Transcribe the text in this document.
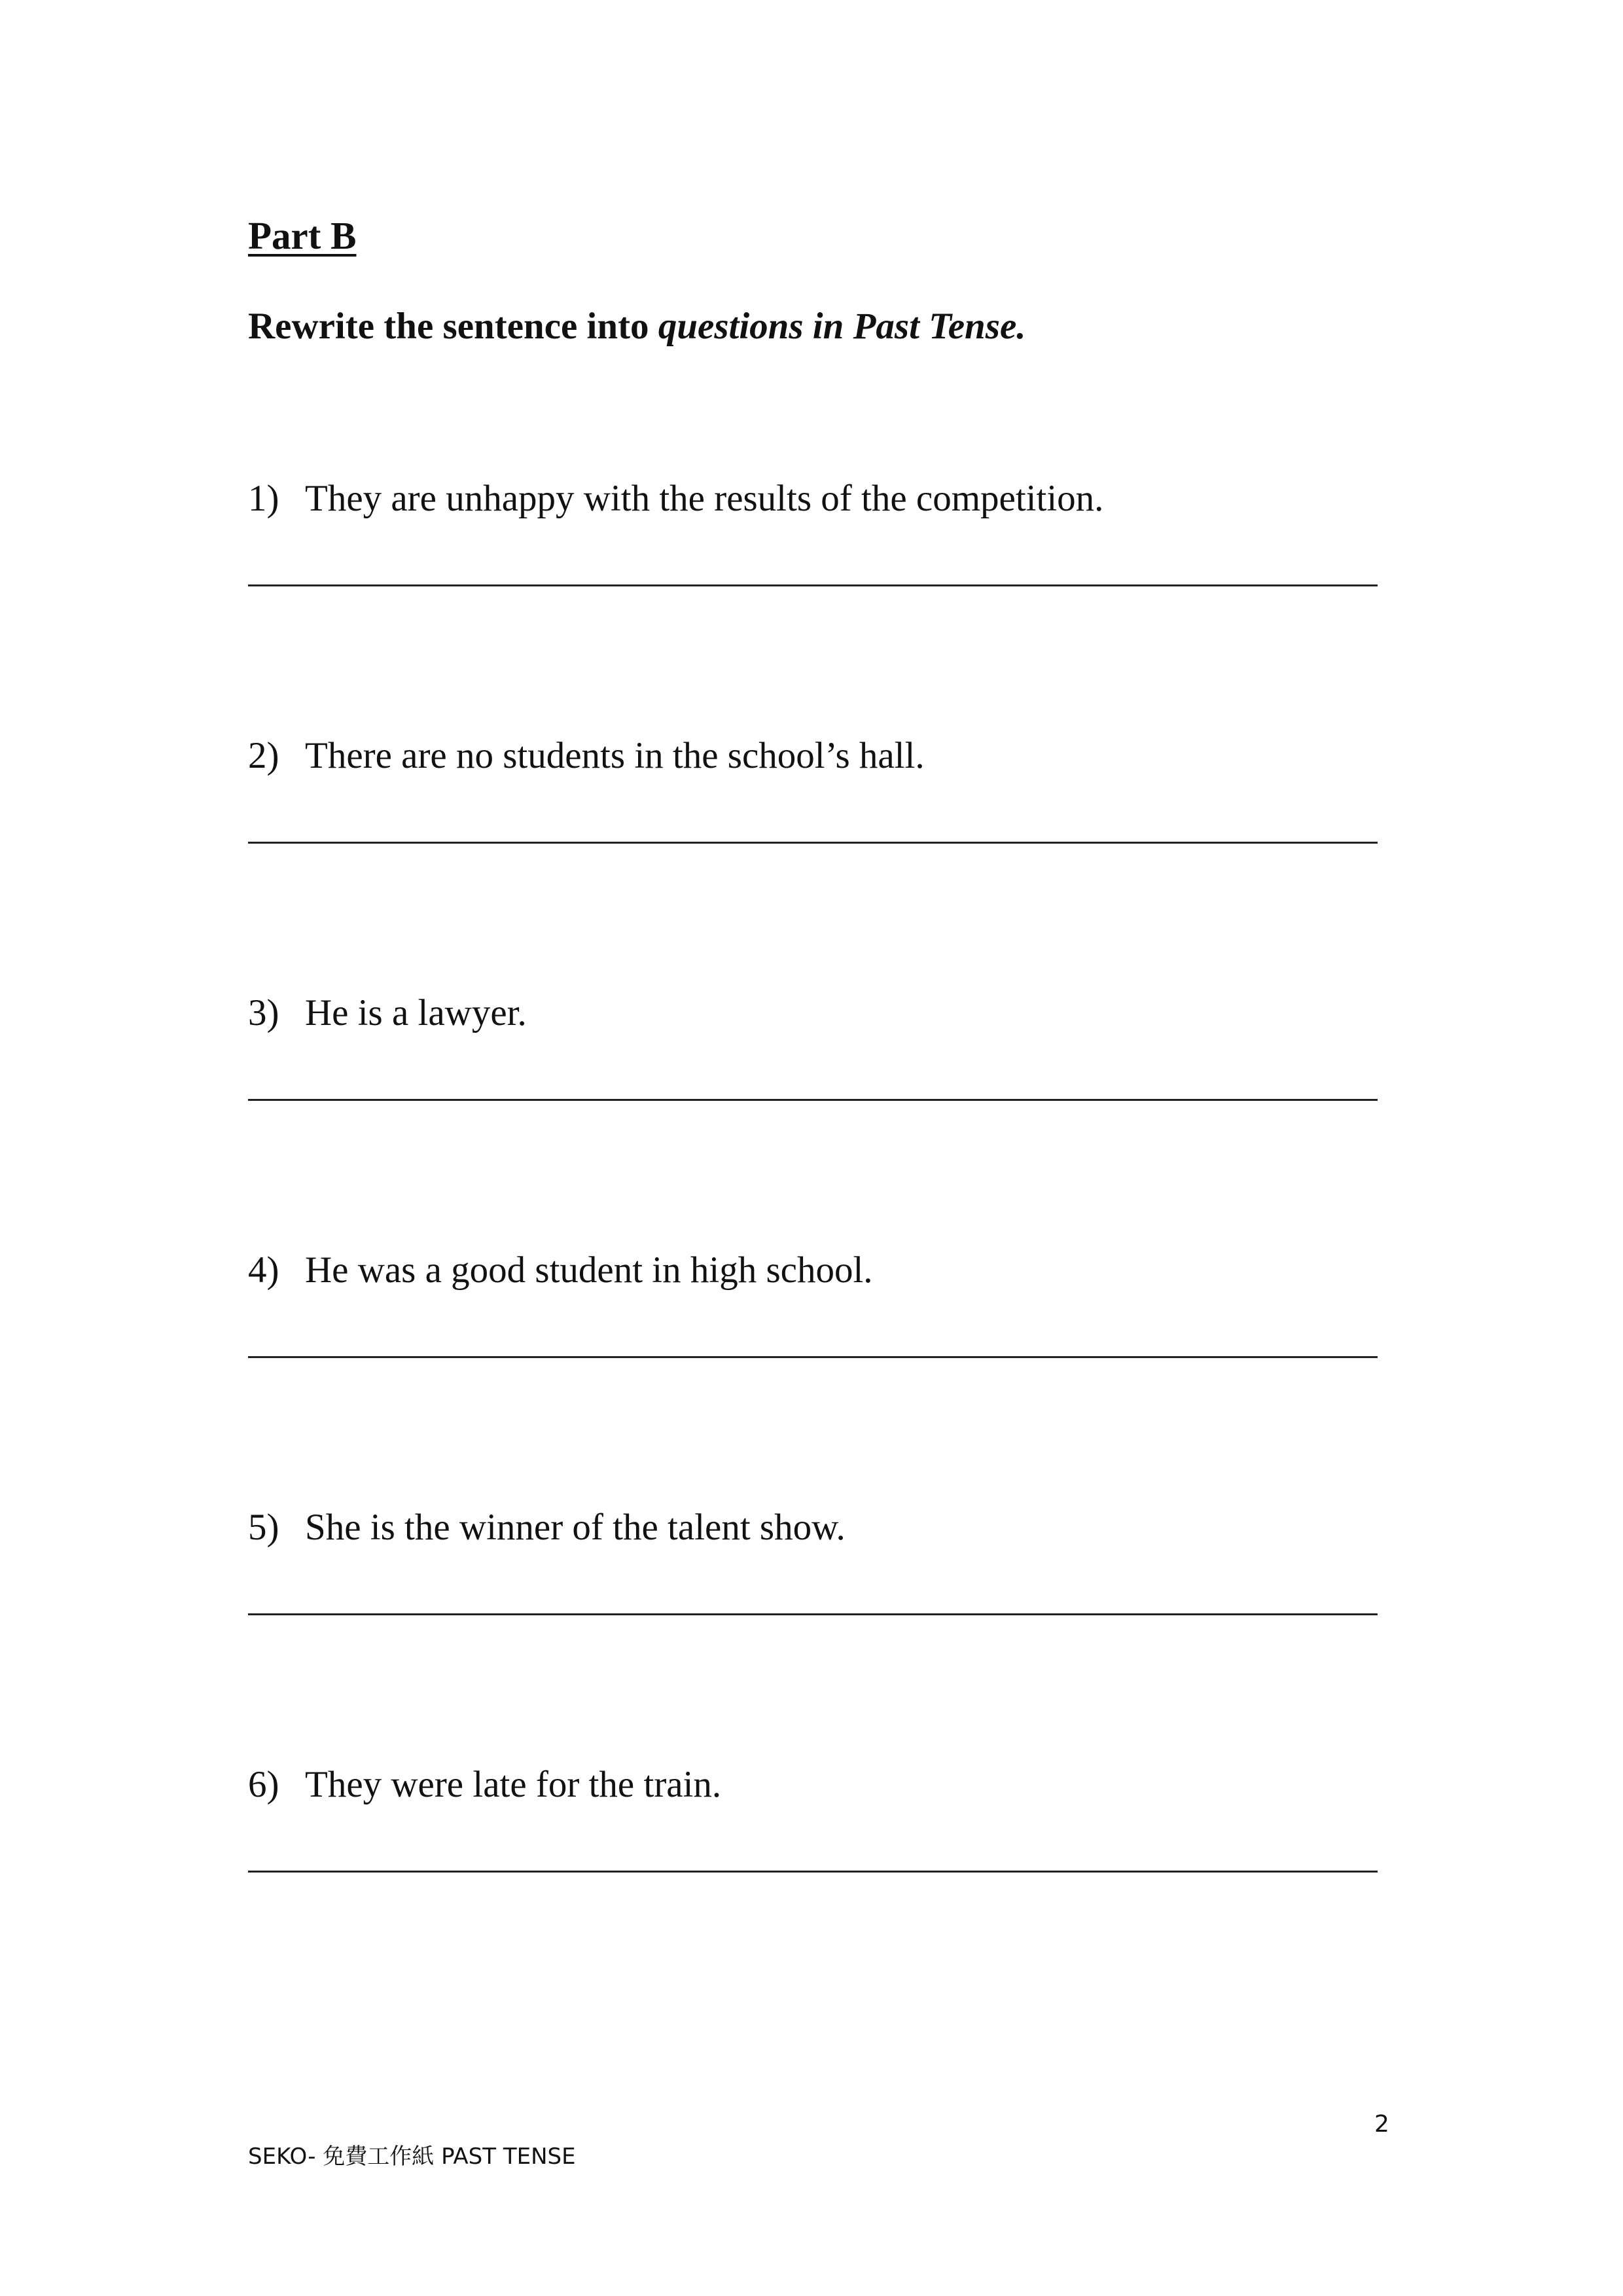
Part B
Rewrite the sentence into questions in Past Tense.
1) They are unhappy with the results of the competition.
2) There are no students in the school’s hall.
3) He is a lawyer.
4) He was a good student in high school.
5) She is the winner of the talent show.
6) They were late for the train.
2
SEKO- 免費工作紙 PAST TENSE
